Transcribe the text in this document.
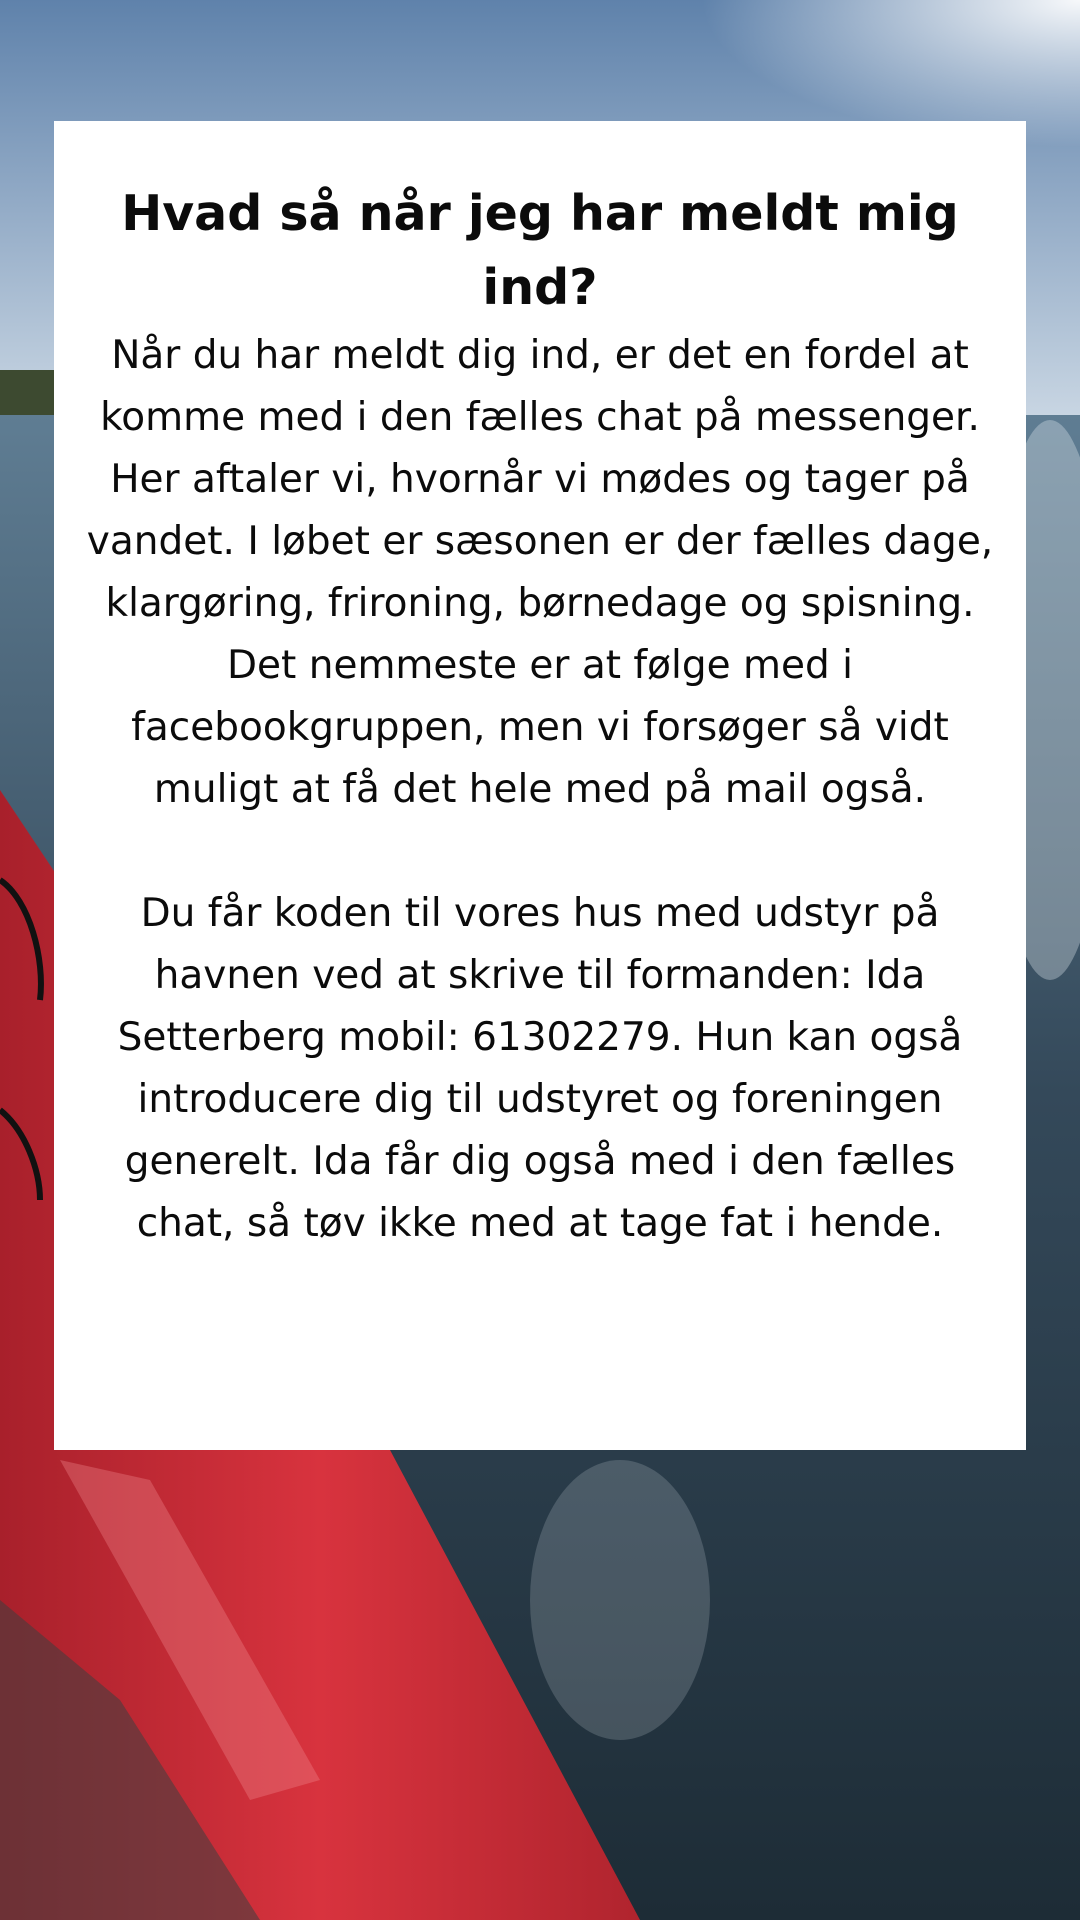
Hvad så når jeg har meldt mig ind?

Når du har meldt dig ind, er det en fordel at komme med i den fælles chat på messenger. Her aftaler vi, hvornår vi mødes og tager på vandet. I løbet er sæsonen er der fælles dage, klargøring, frironing, børnedage og spisning. Det nemmeste er at følge med i facebookgruppen, men vi forsøger så vidt muligt at få det hele med på mail også.

Du får koden til vores hus med udstyr på havnen ved at skrive til formanden: Ida Setterberg mobil: 61302279. Hun kan også introducere dig til udstyret og foreningen generelt. Ida får dig også med i den fælles chat, så tøv ikke med at tage fat i hende.
